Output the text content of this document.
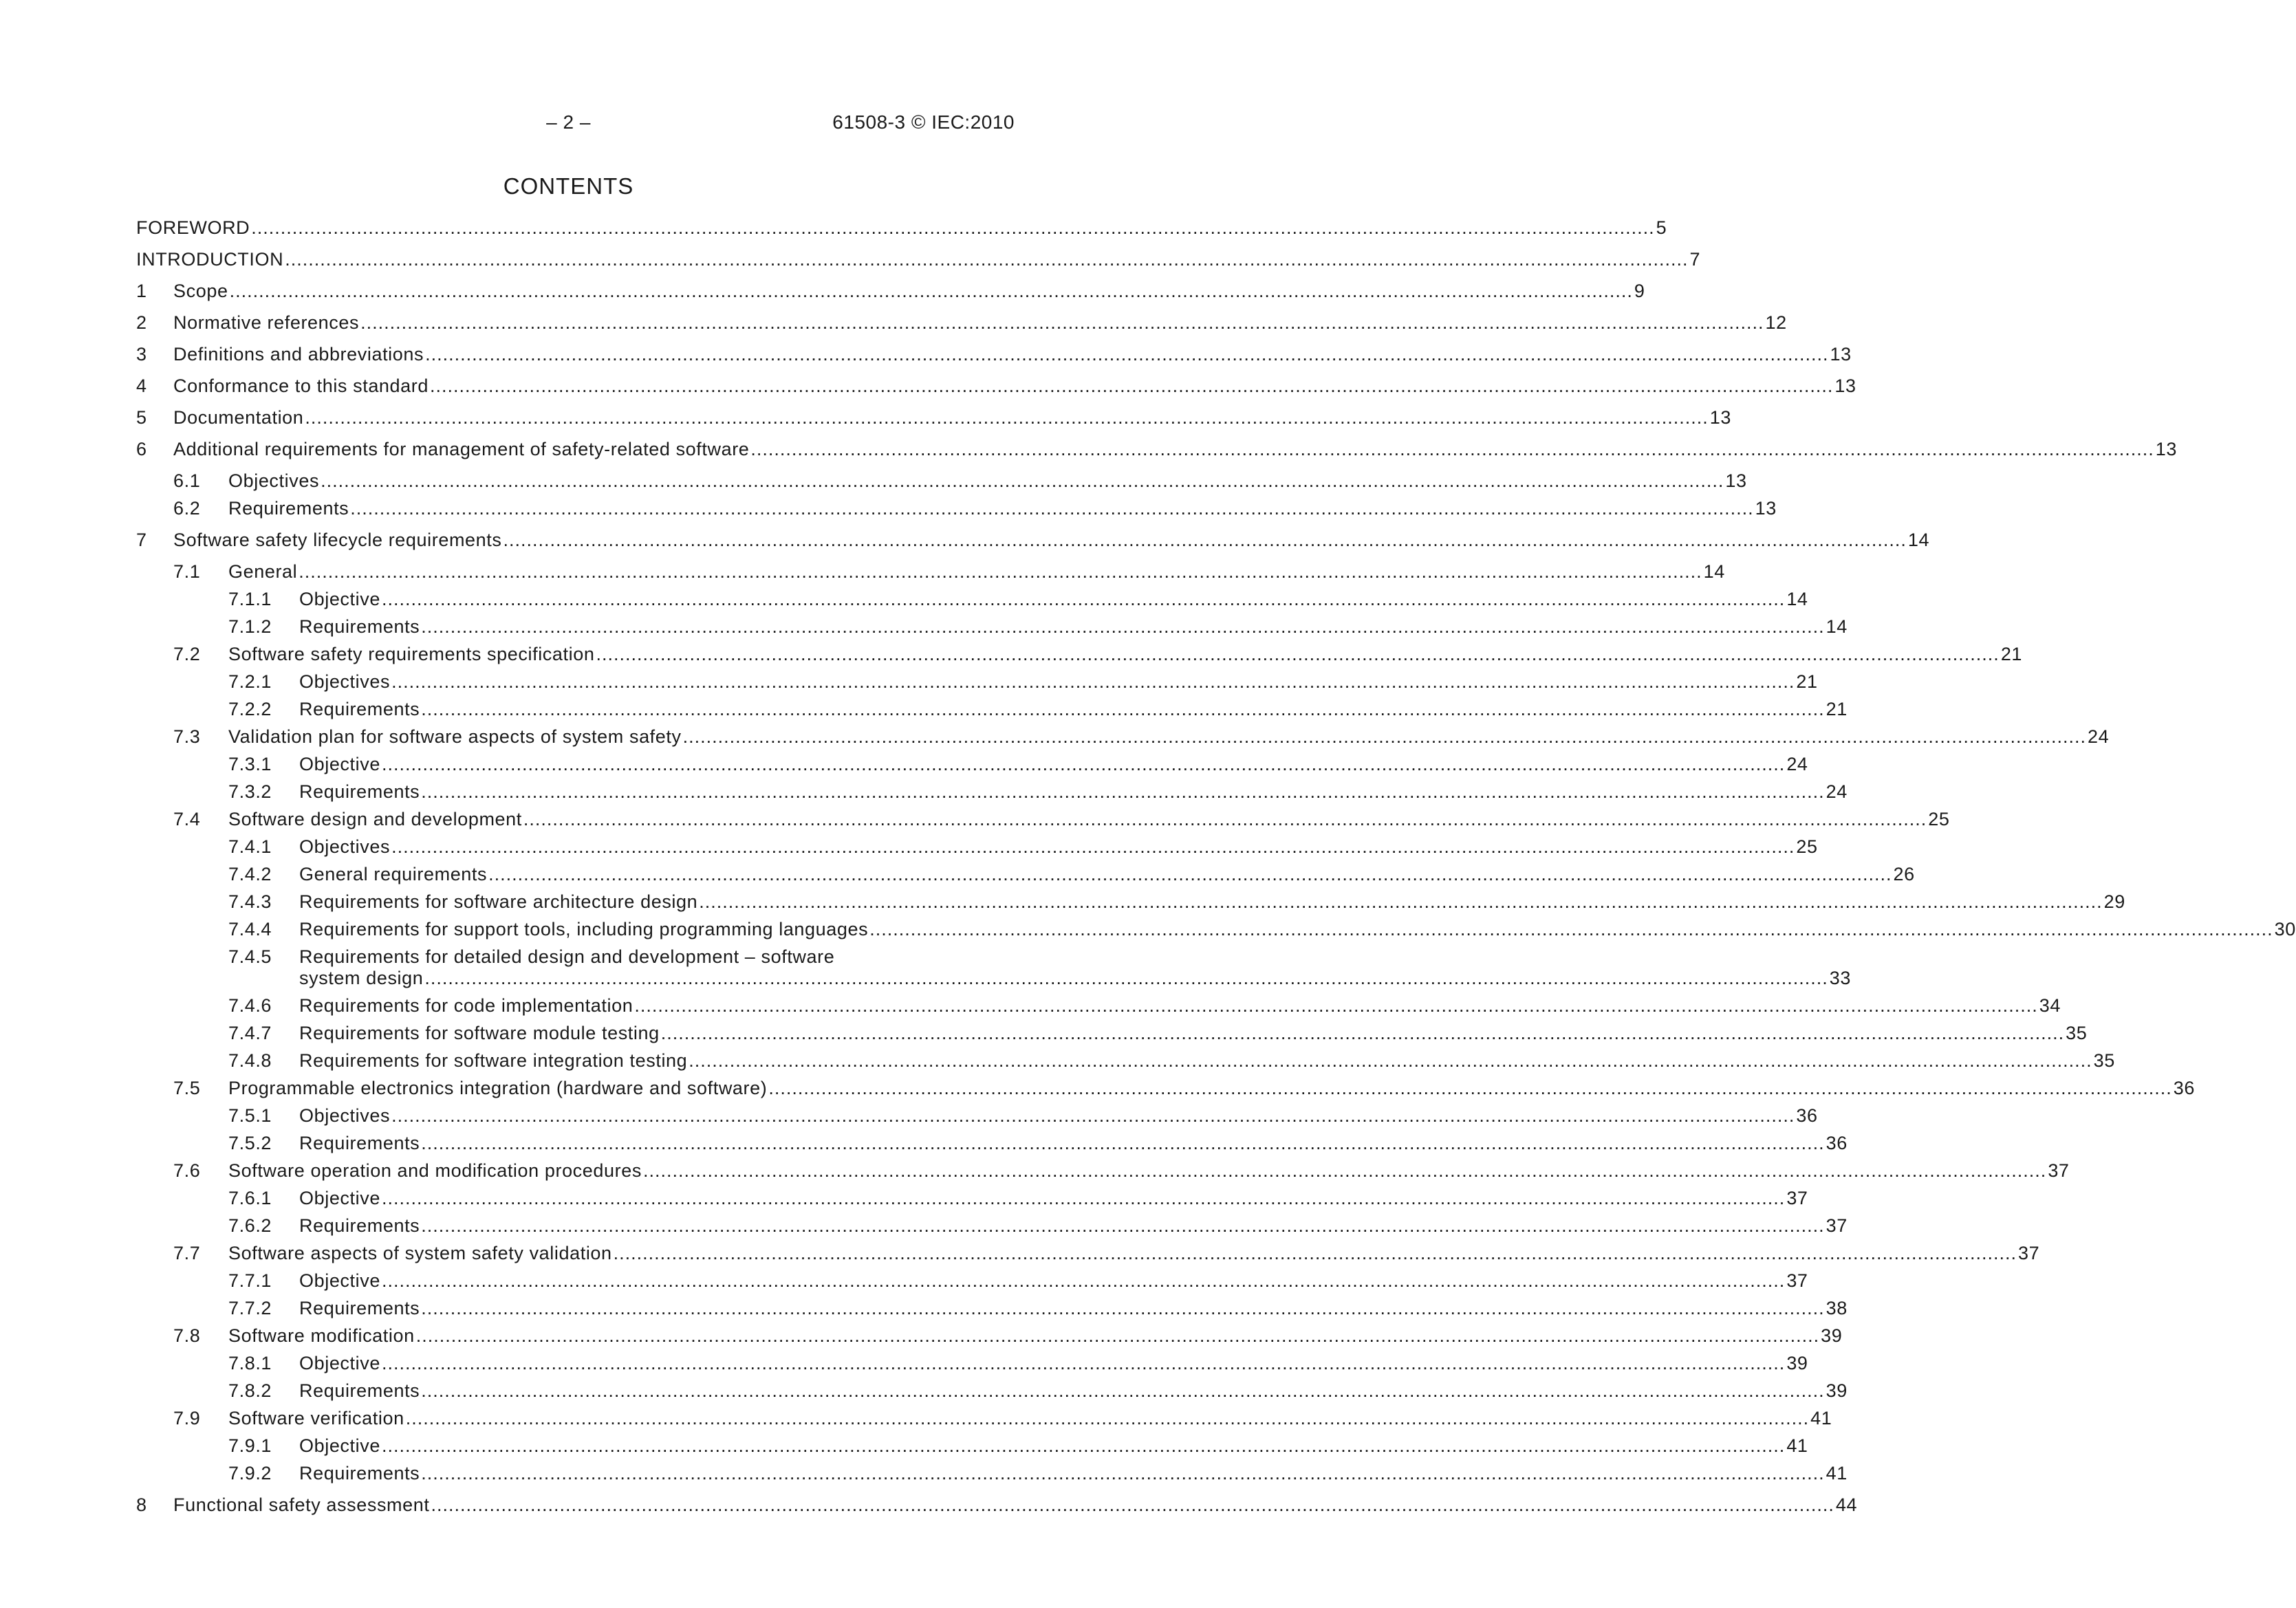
– 2 –	61508-3 © IEC:2010
CONTENTS
FOREWORD .....	5
INTRODUCTION .....	7
1	Scope .....	9
2	Normative references .....	12
3	Definitions and abbreviations .....	13
4	Conformance to this standard .....	13
5	Documentation .....	13
6	Additional requirements for management of safety-related software .....	13
6.1	Objectives .....	13
6.2	Requirements .....	13
7	Software safety lifecycle requirements .....	14
7.1	General .....	14
7.1.1	Objective .....	14
7.1.2	Requirements .....	14
7.2	Software safety requirements specification .....	21
7.2.1	Objectives .....	21
7.2.2	Requirements .....	21
7.3	Validation plan for software aspects of system safety .....	24
7.3.1	Objective .....	24
7.3.2	Requirements .....	24
7.4	Software design and development .....	25
7.4.1	Objectives .....	25
7.4.2	General requirements .....	26
7.4.3	Requirements for software architecture design .....	29
7.4.4	Requirements for support tools, including programming languages .....	30
7.4.5	Requirements for detailed design and development – software
system design .....	33
7.4.6	Requirements for code implementation .....	34
7.4.7	Requirements for software module testing .....	35
7.4.8	Requirements for software integration testing .....	35
7.5	Programmable electronics integration (hardware and software) .....	36
7.5.1	Objectives .....	36
7.5.2	Requirements .....	36
7.6	Software operation and modification procedures .....	37
7.6.1	Objective .....	37
7.6.2	Requirements .....	37
7.7	Software aspects of system safety validation .....	37
7.7.1	Objective .....	37
7.7.2	Requirements .....	38
7.8	Software modification .....	39
7.8.1	Objective .....	39
7.8.2	Requirements .....	39
7.9	Software verification .....	41
7.9.1	Objective .....	41
7.9.2	Requirements .....	41
8	Functional safety assessment .....	44
